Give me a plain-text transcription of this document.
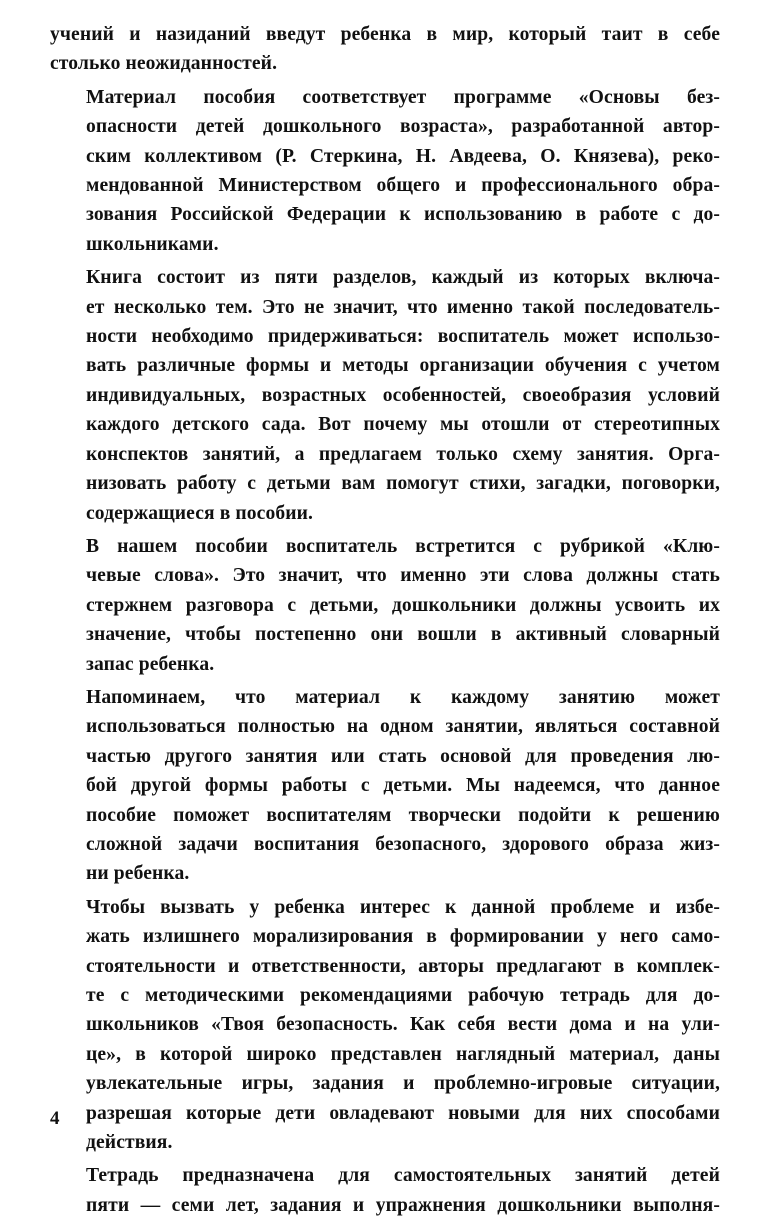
учений и назиданий введут ребенка в мир, который таит в себе
столько неожиданностей.

Материал пособия соответствует программе «Основы без-
опасности детей дошкольного возраста», разработанной автор-
ским коллективом (Р. Стеркина, Н. Авдеева, О. Князева), реко-
мендованной Министерством общего и профессионального обра-
зования Российской Федерации к использованию в работе с до-
школьниками.

Книга состоит из пяти разделов, каждый из которых включа-
ет несколько тем. Это не значит, что именно такой последователь-
ности необходимо придерживаться: воспитатель может использо-
вать различные формы и методы организации обучения с учетом
индивидуальных, возрастных особенностей, своеобразия условий
каждого детского сада. Вот почему мы отошли от стереотипных
конспектов занятий, а предлагаем только схему занятия. Орга-
низовать работу с детьми вам помогут стихи, загадки, поговорки,
содержащиеся в пособии.

В нашем пособии воспитатель встретится с рубрикой «Клю-
чевые слова». Это значит, что именно эти слова должны стать
стержнем разговора с детьми, дошкольники должны усвоить их
значение, чтобы постепенно они вошли в активный словарный
запас ребенка.

Напоминаем, что материал к каждому занятию может
использоваться полностью на одном занятии, являться составной
частью другого занятия или стать основой для проведения лю-
бой другой формы работы с детьми. Мы надеемся, что данное
пособие поможет воспитателям творчески подойти к решению
сложной задачи воспитания безопасного, здорового образа жиз-
ни ребенка.

Чтобы вызвать у ребенка интерес к данной проблеме и избе-
жать излишнего морализирования в формировании у него само-
стоятельности и ответственности, авторы предлагают в комплек-
те с методическими рекомендациями рабочую тетрадь для до-
школьников «Твоя безопасность. Как себя вести дома и на ули-
це», в которой широко представлен наглядный материал, даны
увлекательные игры, задания и проблемно-игровые ситуации,
разрешая которые дети овладевают новыми для них способами
действия.

Тетрадь предназначена для самостоятельных занятий детей
пяти — семи лет, задания и упражнения дошкольники выполня-

4
